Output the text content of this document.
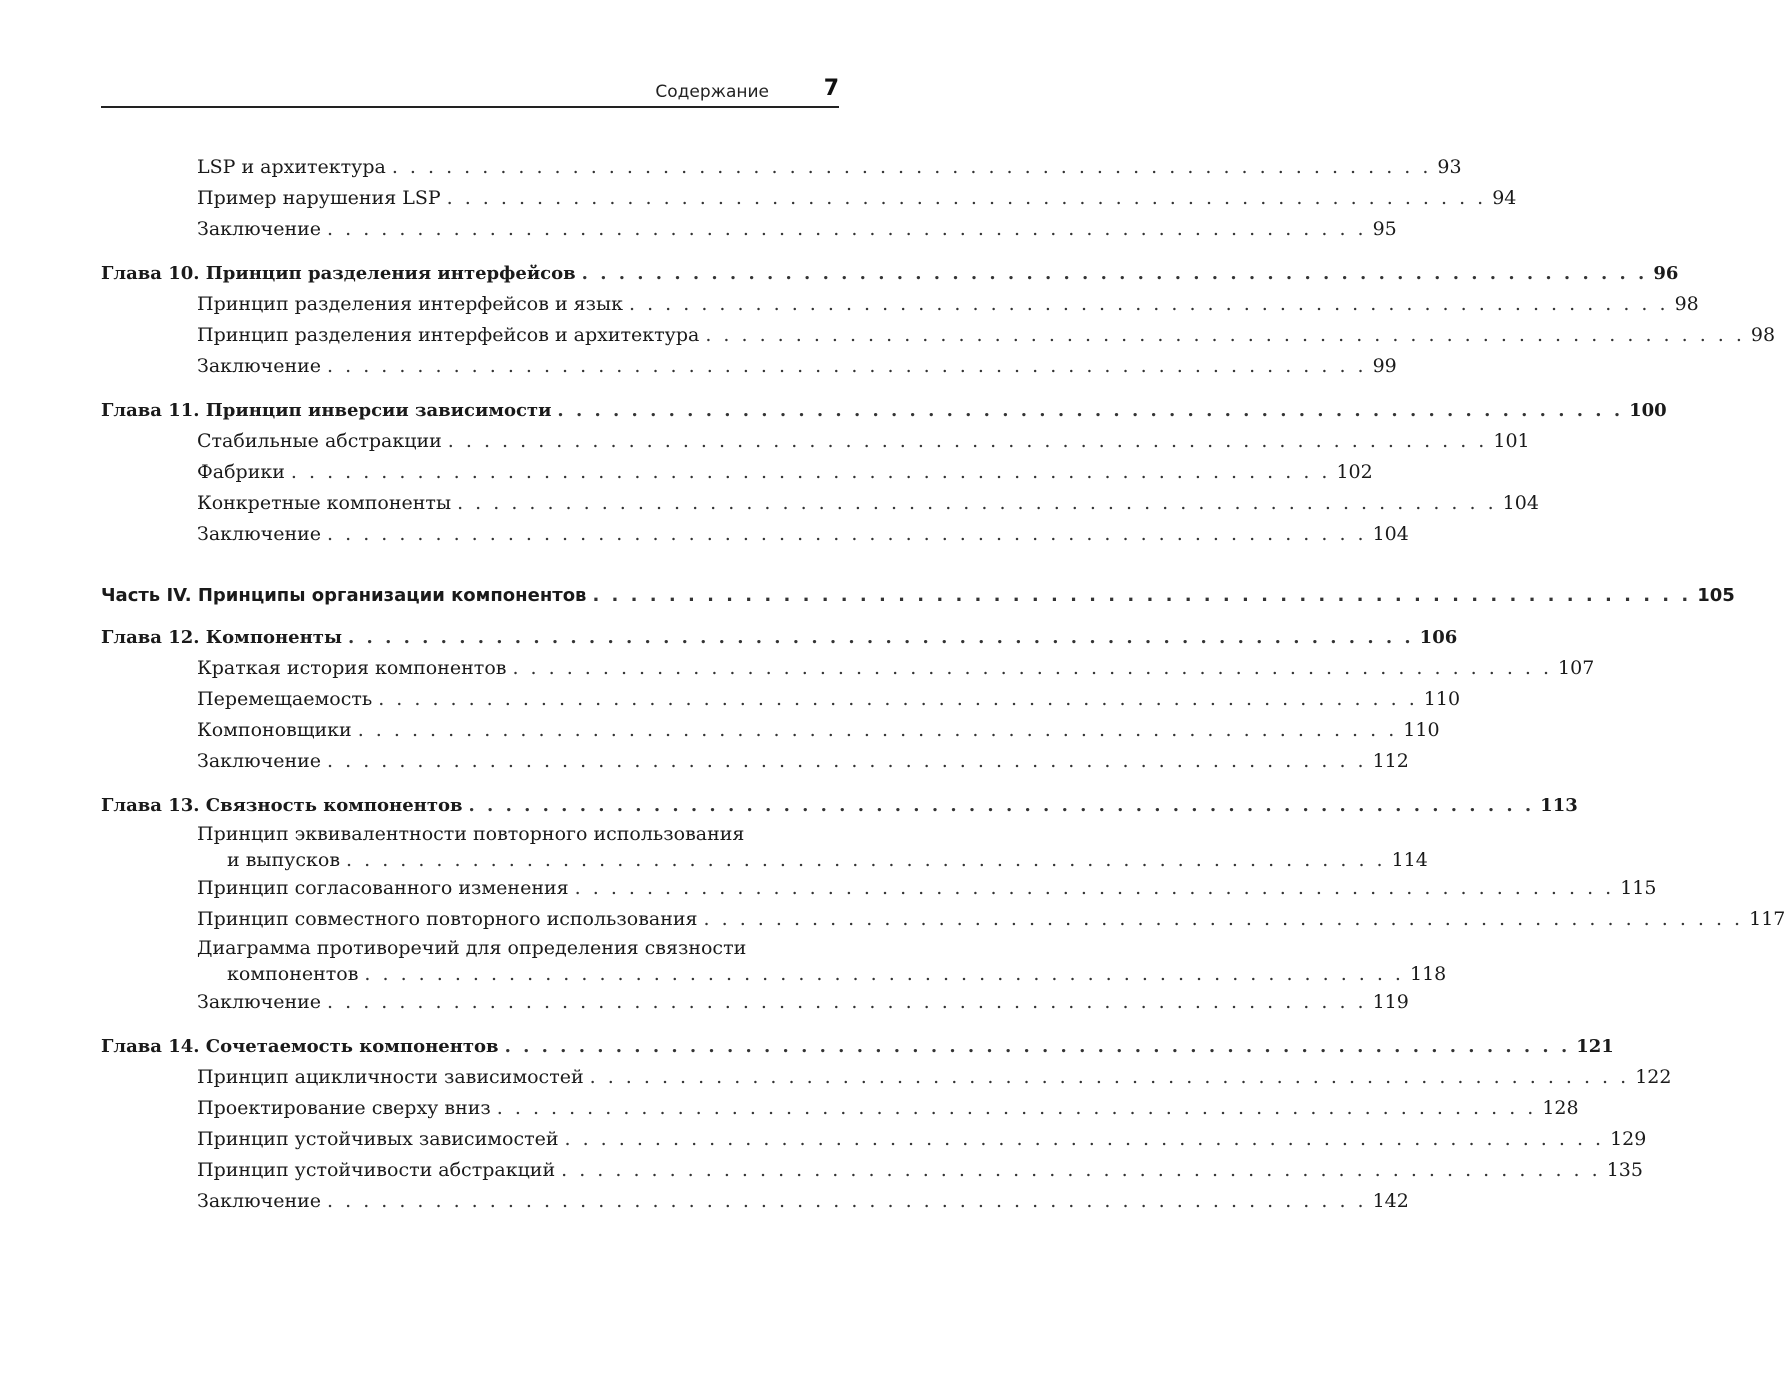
Содержание 7
LSP и архитектура . . . . . . . . . . . . . . . . . . . . . . . . . . . . . . . . . . . . . . . . . . . . . . . . . . . . . . . . . . 93
Пример нарушения LSP . . . . . . . . . . . . . . . . . . . . . . . . . . . . . . . . . . . . . . . . . . . . . . . . . . . . . . . . . . 94
Заключение . . . . . . . . . . . . . . . . . . . . . . . . . . . . . . . . . . . . . . . . . . . . . . . . . . . . . . . . . . 95
Глава 10. Принцип разделения интерфейсов . . . . . . . . . . . . . . . . . . . . . . . . . . . . . . . . . . . . . . . . . . . . . . . . . . . . . . . . . . 96
Принцип разделения интерфейсов и язык . . . . . . . . . . . . . . . . . . . . . . . . . . . . . . . . . . . . . . . . . . . . . . . . . . . . . . . . . . 98
Принцип разделения интерфейсов и архитектура . . . . . . . . . . . . . . . . . . . . . . . . . . . . . . . . . . . . . . . . . . . . . . . . . . . . . . . . . . 98
Заключение . . . . . . . . . . . . . . . . . . . . . . . . . . . . . . . . . . . . . . . . . . . . . . . . . . . . . . . . . . 99
Глава 11. Принцип инверсии зависимости . . . . . . . . . . . . . . . . . . . . . . . . . . . . . . . . . . . . . . . . . . . . . . . . . . . . . . . . . . 100
Стабильные абстракции . . . . . . . . . . . . . . . . . . . . . . . . . . . . . . . . . . . . . . . . . . . . . . . . . . . . . . . . . . 101
Фабрики . . . . . . . . . . . . . . . . . . . . . . . . . . . . . . . . . . . . . . . . . . . . . . . . . . . . . . . . . . 102
Конкретные компоненты . . . . . . . . . . . . . . . . . . . . . . . . . . . . . . . . . . . . . . . . . . . . . . . . . . . . . . . . . . 104
Заключение . . . . . . . . . . . . . . . . . . . . . . . . . . . . . . . . . . . . . . . . . . . . . . . . . . . . . . . . . . 104
Часть IV. Принципы организации компонентов . . . . . . . . . . . . . . . . . . . . . . . . . . . . . . . . . . . . . . . . . . . . . . . . . . . . . . . . . . 105
Глава 12. Компоненты . . . . . . . . . . . . . . . . . . . . . . . . . . . . . . . . . . . . . . . . . . . . . . . . . . . . . . . . . . 106
Краткая история компонентов . . . . . . . . . . . . . . . . . . . . . . . . . . . . . . . . . . . . . . . . . . . . . . . . . . . . . . . . . . 107
Перемещаемость . . . . . . . . . . . . . . . . . . . . . . . . . . . . . . . . . . . . . . . . . . . . . . . . . . . . . . . . . . 110
Компоновщики . . . . . . . . . . . . . . . . . . . . . . . . . . . . . . . . . . . . . . . . . . . . . . . . . . . . . . . . . . 110
Заключение . . . . . . . . . . . . . . . . . . . . . . . . . . . . . . . . . . . . . . . . . . . . . . . . . . . . . . . . . . 112
Глава 13. Связность компонентов . . . . . . . . . . . . . . . . . . . . . . . . . . . . . . . . . . . . . . . . . . . . . . . . . . . . . . . . . . 113
Принцип эквивалентности повторного использования
и выпусков . . . . . . . . . . . . . . . . . . . . . . . . . . . . . . . . . . . . . . . . . . . . . . . . . . . . . . . . . . 114
Принцип согласованного изменения . . . . . . . . . . . . . . . . . . . . . . . . . . . . . . . . . . . . . . . . . . . . . . . . . . . . . . . . . . 115
Принцип совместного повторного использования . . . . . . . . . . . . . . . . . . . . . . . . . . . . . . . . . . . . . . . . . . . . . . . . . . . . . . . . . . 117
Диаграмма противоречий для определения связности
компонентов . . . . . . . . . . . . . . . . . . . . . . . . . . . . . . . . . . . . . . . . . . . . . . . . . . . . . . . . . . 118
Заключение . . . . . . . . . . . . . . . . . . . . . . . . . . . . . . . . . . . . . . . . . . . . . . . . . . . . . . . . . . 119
Глава 14. Сочетаемость компонентов . . . . . . . . . . . . . . . . . . . . . . . . . . . . . . . . . . . . . . . . . . . . . . . . . . . . . . . . . . 121
Принцип ацикличности зависимостей . . . . . . . . . . . . . . . . . . . . . . . . . . . . . . . . . . . . . . . . . . . . . . . . . . . . . . . . . . 122
Проектирование сверху вниз . . . . . . . . . . . . . . . . . . . . . . . . . . . . . . . . . . . . . . . . . . . . . . . . . . . . . . . . . . 128
Принцип устойчивых зависимостей . . . . . . . . . . . . . . . . . . . . . . . . . . . . . . . . . . . . . . . . . . . . . . . . . . . . . . . . . . 129
Принцип устойчивости абстракций . . . . . . . . . . . . . . . . . . . . . . . . . . . . . . . . . . . . . . . . . . . . . . . . . . . . . . . . . . 135
Заключение . . . . . . . . . . . . . . . . . . . . . . . . . . . . . . . . . . . . . . . . . . . . . . . . . . . . . . . . . . 142
